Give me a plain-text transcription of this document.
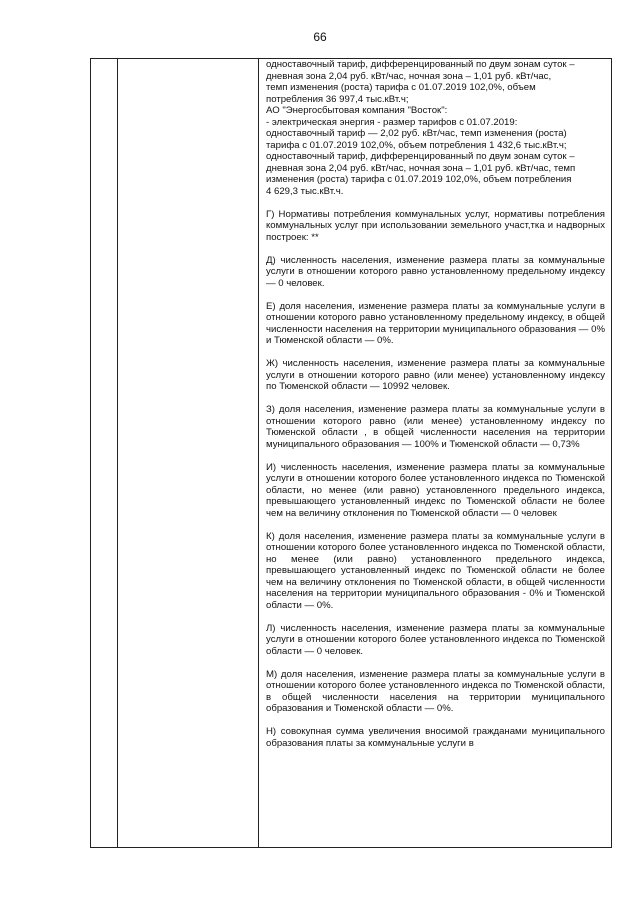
66

одноставочный тариф, дифференцированный по двум зонам суток –
дневная зона 2,04 руб. кВт/час, ночная зона – 1,01 руб. кВт/час,
темп изменения (роста) тарифа с 01.07.2019 102,0%, объем
потребления 36 997,4 тыс.кВт.ч;
АО "Энергосбытовая компания "Восток":
- электрическая энергия - размер тарифов с 01.07.2019:
одноставочный тариф — 2,02 руб. кВт/час, темп изменения (роста)
тарифа с 01.07.2019 102,0%, объем потребления 1 432,6 тыс.кВт.ч;
одноставочный тариф, дифференцированный по двум зонам суток –
дневная зона 2,04 руб. кВт/час, ночная зона – 1,01 руб. кВт/час, темп
изменения (роста) тарифа с 01.07.2019 102,0%, объем потребления
4 629,3 тыс.кВт.ч.

Г) Нормативы потребления коммунальных услуг, нормативы потребления коммунальных услуг при использовании земельного участ,тка и надворных построек: **

Д) численность населения, изменение размера платы за коммунальные услуги в отношении которого равно установленному предельному индексу — 0 человек.

Е) доля населения, изменение размера платы за коммунальные услуги в отношении которого равно установленному предельному индексу, в общей численности населения на территории муниципального образования — 0% и Тюменской области — 0%.

Ж) численность населения, изменение размера платы за коммунальные услуги в отношении которого равно (или менее) установленному индексу по Тюменской области — 10992 человек.

З) доля населения, изменение размера платы за коммунальные услуги в отношении которого равно (или менее) установленному индексу по Тюменской области , в общей численности населения на территории муниципального образования — 100% и Тюменской области — 0,73%

И) численность населения, изменение размера платы за коммунальные услуги в отношении которого более установленного индекса по Тюменской области, но менее (или равно) установленного предельного индекса, превышающего установленный индекс по Тюменской области не более чем на величину отклонения по Тюменской области — 0 человек

К) доля населения, изменение размера платы за коммунальные услуги в отношении которого более установленного индекса по Тюменской области, но менее (или равно) установленного предельного индекса, превышающего установленный индекс по Тюменской области не более чем на величину отклонения по Тюменской области, в общей численности населения на территории муниципального образования - 0% и Тюменской области — 0%.

Л) численность населения, изменение размера платы за коммунальные услуги в отношении которого более установленного индекса по Тюменской области — 0 человек.

М) доля населения, изменение размера платы за коммунальные услуги в отношении которого более установленного индекса по Тюменской области, в общей численности населения на территории муниципального образования и Тюменской области — 0%.

Н) совокупная сумма увеличения вносимой гражданами муниципального образования платы за коммунальные услуги в
